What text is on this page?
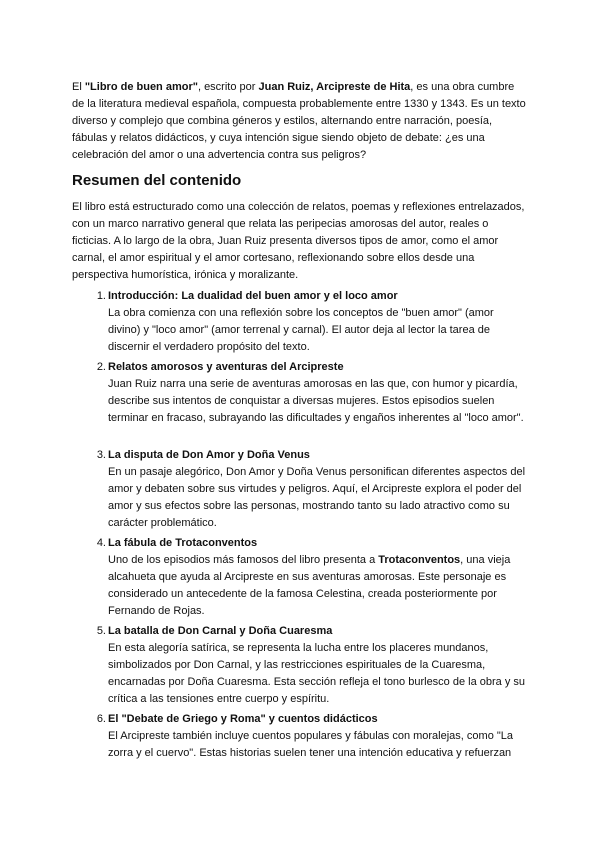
El "Libro de buen amor", escrito por Juan Ruiz, Arcipreste de Hita, es una obra cumbre de la literatura medieval española, compuesta probablemente entre 1330 y 1343. Es un texto diverso y complejo que combina géneros y estilos, alternando entre narración, poesía, fábulas y relatos didácticos, y cuya intención sigue siendo objeto de debate: ¿es una celebración del amor o una advertencia contra sus peligros?

Resumen del contenido

El libro está estructurado como una colección de relatos, poemas y reflexiones entrelazados, con un marco narrativo general que relata las peripecias amorosas del autor, reales o ficticias. A lo largo de la obra, Juan Ruiz presenta diversos tipos de amor, como el amor carnal, el amor espiritual y el amor cortesano, reflexionando sobre ellos desde una perspectiva humorística, irónica y moralizante.

1. Introducción: La dualidad del buen amor y el loco amor

La obra comienza con una reflexión sobre los conceptos de "buen amor" (amor divino) y "loco amor" (amor terrenal y carnal). El autor deja al lector la tarea de discernir el verdadero propósito del texto.

2. Relatos amorosos y aventuras del Arcipreste

Juan Ruiz narra una serie de aventuras amorosas en las que, con humor y picardía, describe sus intentos de conquistar a diversas mujeres. Estos episodios suelen terminar en fracaso, subrayando las dificultades y engaños inherentes al "loco amor".

3. La disputa de Don Amor y Doña Venus

En un pasaje alegórico, Don Amor y Doña Venus personifican diferentes aspectos del amor y debaten sobre sus virtudes y peligros. Aquí, el Arcipreste explora el poder del amor y sus efectos sobre las personas, mostrando tanto su lado atractivo como su carácter problemático.

4. La fábula de Trotaconventos

Uno de los episodios más famosos del libro presenta a Trotaconventos, una vieja alcahueta que ayuda al Arcipreste en sus aventuras amorosas. Este personaje es considerado un antecedente de la famosa Celestina, creada posteriormente por Fernando de Rojas.

5. La batalla de Don Carnal y Doña Cuaresma

En esta alegoría satírica, se representa la lucha entre los placeres mundanos, simbolizados por Don Carnal, y las restricciones espirituales de la Cuaresma, encarnadas por Doña Cuaresma. Esta sección refleja el tono burlesco de la obra y su crítica a las tensiones entre cuerpo y espíritu.

6. El "Debate de Griego y Roma" y cuentos didácticos

El Arcipreste también incluye cuentos populares y fábulas con moralejas, como "La zorra y el cuervo". Estas historias suelen tener una intención educativa y refuerzan
